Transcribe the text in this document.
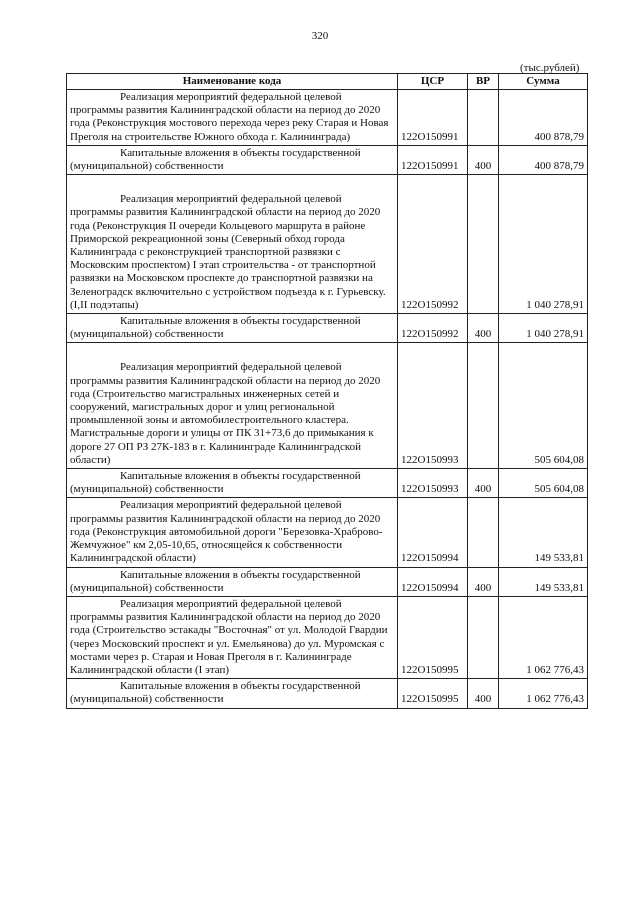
320
(тыс.рублей)
Наименование кода	ЦСР	ВР	Сумма

Реализация мероприятий федеральной целевой
программы развития Калининградской области на период до 2020 года (Реконструкция мостового перехода через реку Старая и Новая Преголя на строительстве Южного обхода г. Калининграда)	122О150991		400 878,79

Капитальные вложения в объекты государственной
(муниципальной) собственности	122О150991	400	400 878,79

Реализация мероприятий федеральной целевой
программы развития Калининградской области на период до 2020 года (Реконструкция II очереди Кольцевого маршрута в районе Приморской рекреационной зоны (Северный обход города Калининграда с реконструкцией транспортной развязки с Московским проспектом) I этап строительства - от транспортной развязки на Московском проспекте до транспортной развязки на Зеленоградск включительно с устройством подъезда к г. Гурьевску. (I,II подэтапы)	122О150992		1 040 278,91

Капитальные вложения в объекты государственной
(муниципальной) собственности	122О150992	400	1 040 278,91

Реализация мероприятий федеральной целевой
программы развития Калининградской области на период до 2020 года (Строительство магистральных инженерных сетей и сооружений, магистральных дорог и улиц региональной промышленной зоны и автомобилестроительного кластера. Магистральные дороги и улицы от ПК 31+73,6 до примыкания к дороге 27 ОП РЗ 27К-183 в г. Калининграде Калининградской области)	122О150993		505 604,08

Капитальные вложения в объекты государственной
(муниципальной) собственности	122О150993	400	505 604,08

Реализация мероприятий федеральной целевой
программы развития Калининградской области на период до 2020 года (Реконструкция автомобильной дороги "Березовка-Храброво-Жемчужное" км 2,05-10,65, относящейся к собственности Калининградской области)	122О150994		149 533,81

Капитальные вложения в объекты государственной
(муниципальной) собственности	122О150994	400	149 533,81

Реализация мероприятий федеральной целевой
программы развития Калининградской области на период до 2020 года (Строительство эстакады "Восточная" от ул. Молодой Гвардии (через Московский проспект и ул. Емельянова) до ул. Муромская с мостами через р. Старая и Новая Преголя в г. Калининграде Калининградской области (I этап)	122О150995		1 062 776,43

Капитальные вложения в объекты государственной
(муниципальной) собственности	122О150995	400	1 062 776,43
